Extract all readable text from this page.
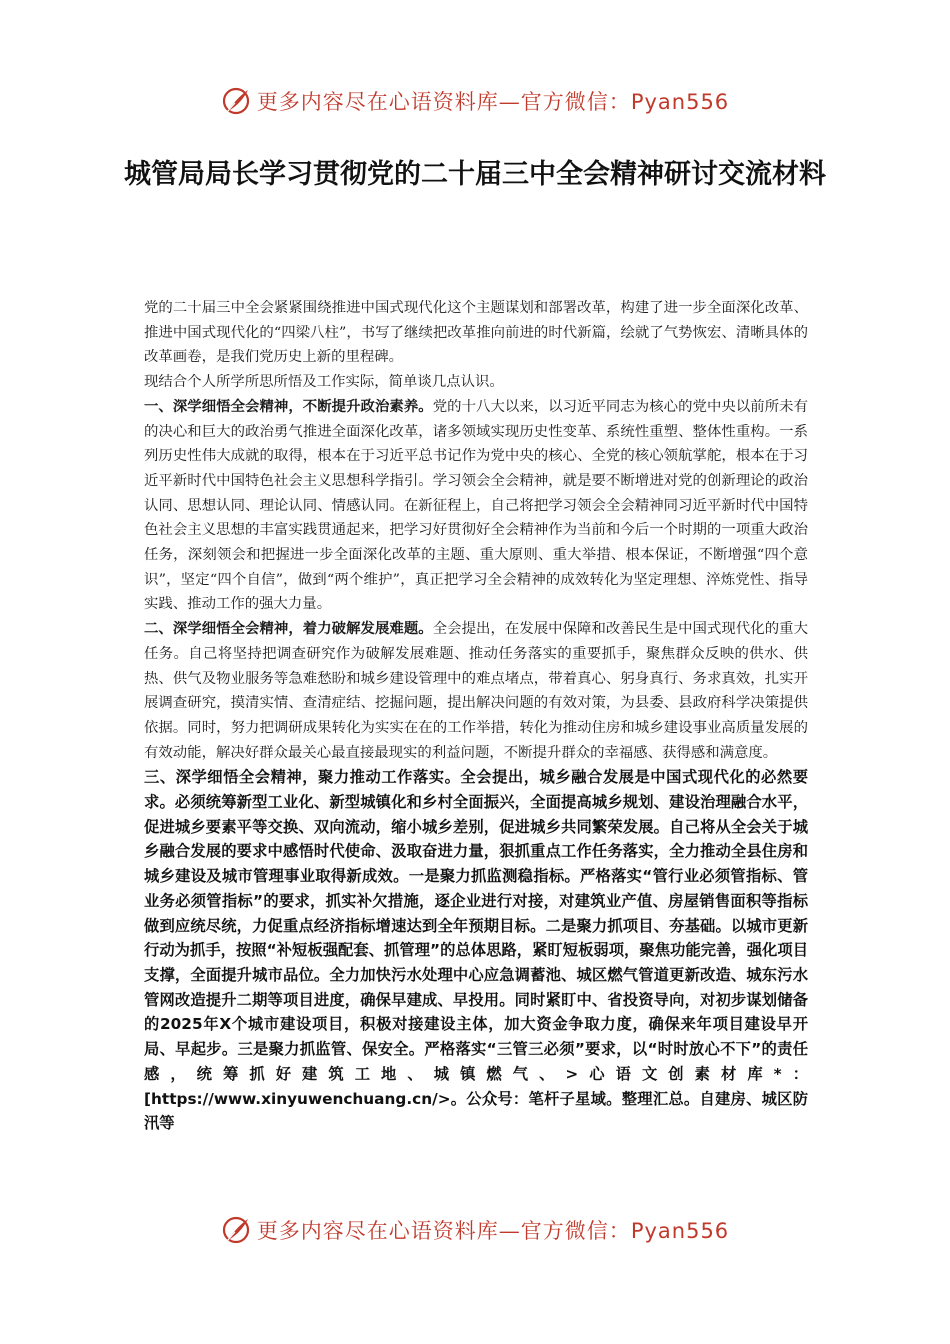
更多内容尽在心语资料库—官方微信：Pyan556
城管局局长学习贯彻党的二十届三中全会精神研讨交流材料

党的二十届三中全会紧紧围绕推进中国式现代化这个主题谋划和部署改革，构建了进一步全面深化改革、推进中国式现代化的“四梁八柱”，书写了继续把改革推向前进的时代新篇，绘就了气势恢宏、清晰具体的改革画卷，是我们党历史上新的里程碑。

现结合个人所学所思所悟及工作实际，简单谈几点认识。

一、深学细悟全会精神，不断提升政治素养。党的十八大以来，以习近平同志为核心的党中央以前所未有的决心和巨大的政治勇气推进全面深化改革，诸多领域实现历史性变革、系统性重塑、整体性重构。一系列历史性伟大成就的取得，根本在于习近平总书记作为党中央的核心、全党的核心领航掌舵，根本在于习近平新时代中国特色社会主义思想科学指引。学习领会全会精神，就是要不断增进对党的创新理论的政治认同、思想认同、理论认同、情感认同。在新征程上，自己将把学习领会全会精神同习近平新时代中国特色社会主义思想的丰富实践贯通起来，把学习好贯彻好全会精神作为当前和今后一个时期的一项重大政治任务，深刻领会和把握进一步全面深化改革的主题、重大原则、重大举措、根本保证，不断增强“四个意识”，坚定“四个自信”，做到“两个维护”，真正把学习全会精神的成效转化为坚定理想、淬炼党性、指导实践、推动工作的强大力量。

二、深学细悟全会精神，着力破解发展难题。全会提出，在发展中保障和改善民生是中国式现代化的重大任务。自己将坚持把调查研究作为破解发展难题、推动任务落实的重要抓手，聚焦群众反映的供水、供热、供气及物业服务等急难愁盼和城乡建设管理中的难点堵点，带着真心、躬身真行、务求真效，扎实开展调查研究，摸清实情、查清症结、挖掘问题，提出解决问题的有效对策，为县委、县政府科学决策提供依据。同时，努力把调研成果转化为实实在在的工作举措，转化为推动住房和城乡建设事业高质量发展的有效动能，解决好群众最关心最直接最现实的利益问题，不断提升群众的幸福感、获得感和满意度。

三、深学细悟全会精神，聚力推动工作落实。全会提出，城乡融合发展是中国式现代化的必然要求。必须统筹新型工业化、新型城镇化和乡村全面振兴，全面提高城乡规划、建设治理融合水平，促进城乡要素平等交换、双向流动，缩小城乡差别，促进城乡共同繁荣发展。自己将从全会关于城乡融合发展的要求中感悟时代使命、汲取奋进力量，狠抓重点工作任务落实，全力推动全县住房和城乡建设及城市管理事业取得新成效。一是聚力抓监测稳指标。严格落实“管行业必须管指标、管业务必须管指标”的要求，抓实补欠措施，逐企业进行对接，对建筑业产值、房屋销售面积等指标做到应统尽统，力促重点经济指标增速达到全年预期目标。二是聚力抓项目、夯基础。以城市更新行动为抓手，按照“补短板强配套、抓管理”的总体思路，紧盯短板弱项，聚焦功能完善，强化项目支撑，全面提升城市品位。全力加快污水处理中心应急调蓄池、城区燃气管道更新改造、城东污水管网改造提升二期等项目进度，确保早建成、早投用。同时紧盯中、省投资导向，对初步谋划储备的2025年X个城市建设项目，积极对接建设主体，加大资金争取力度，确保来年项目建设早开局、早起步。三是聚力抓监管、保安全。严格落实“三管三必须”要求，以“时时放心不下”的责任感，统筹抓好建筑工地、城镇燃气、>心语文创素材库*：[https://www.xinyuwenchuang.cn/>。公众号：笔杆子星域。整理汇总。自建房、城区防汛等

更多内容尽在心语资料库—官方微信：Pyan556
